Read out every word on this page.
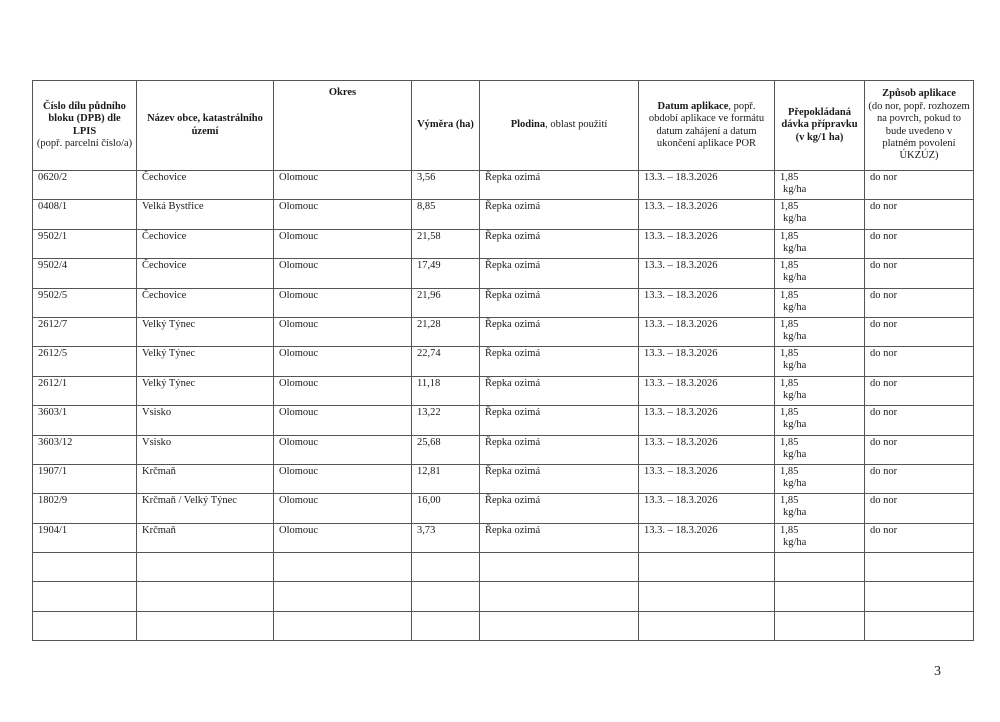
Číslo dílu půdního bloku (DPB) dle LPIS
(popř. parcelní číslo/a)	Název obce, katastrálního území	Okres	Výměra (ha)	Plodina, oblast použití	Datum aplikace, popř. období aplikace ve formátu datum zahájení a datum ukončení aplikace POR	Přepokládaná dávka přípravku (v kg/1 ha)	Způsob aplikace
(do nor, popř. rozhozem na povrch, pokud to bude uvedeno v platném povolení ÚKZÚZ)
0620/2	Čechovice	Olomouc	3,56	Řepka ozimá	13.3. – 18.3.2026	1,85
kg/ha	do nor
0408/1	Velká Bystřice	Olomouc	8,85	Řepka ozimá	13.3. – 18.3.2026	1,85
kg/ha	do nor
9502/1	Čechovice	Olomouc	21,58	Řepka ozimá	13.3. – 18.3.2026	1,85
kg/ha	do nor
9502/4	Čechovice	Olomouc	17,49	Řepka ozimá	13.3. – 18.3.2026	1,85
kg/ha	do nor
9502/5	Čechovice	Olomouc	21,96	Řepka ozimá	13.3. – 18.3.2026	1,85
kg/ha	do nor
2612/7	Velký Týnec	Olomouc	21,28	Řepka ozimá	13.3. – 18.3.2026	1,85
kg/ha	do nor
2612/5	Velký Týnec	Olomouc	22,74	Řepka ozimá	13.3. – 18.3.2026	1,85
kg/ha	do nor
2612/1	Velký Týnec	Olomouc	11,18	Řepka ozimá	13.3. – 18.3.2026	1,85
kg/ha	do nor
3603/1	Vsisko	Olomouc	13,22	Řepka ozimá	13.3. – 18.3.2026	1,85
kg/ha	do nor
3603/12	Vsisko	Olomouc	25,68	Řepka ozimá	13.3. – 18.3.2026	1,85
kg/ha	do nor
1907/1	Krčmaň	Olomouc	12,81	Řepka ozimá	13.3. – 18.3.2026	1,85
kg/ha	do nor
1802/9	Krčmaň / Velký Týnec	Olomouc	16,00	Řepka ozimá	13.3. – 18.3.2026	1,85
kg/ha	do nor
1904/1	Krčmaň	Olomouc	3,73	Řepka ozimá	13.3. – 18.3.2026	1,85
kg/ha	do nor

3
